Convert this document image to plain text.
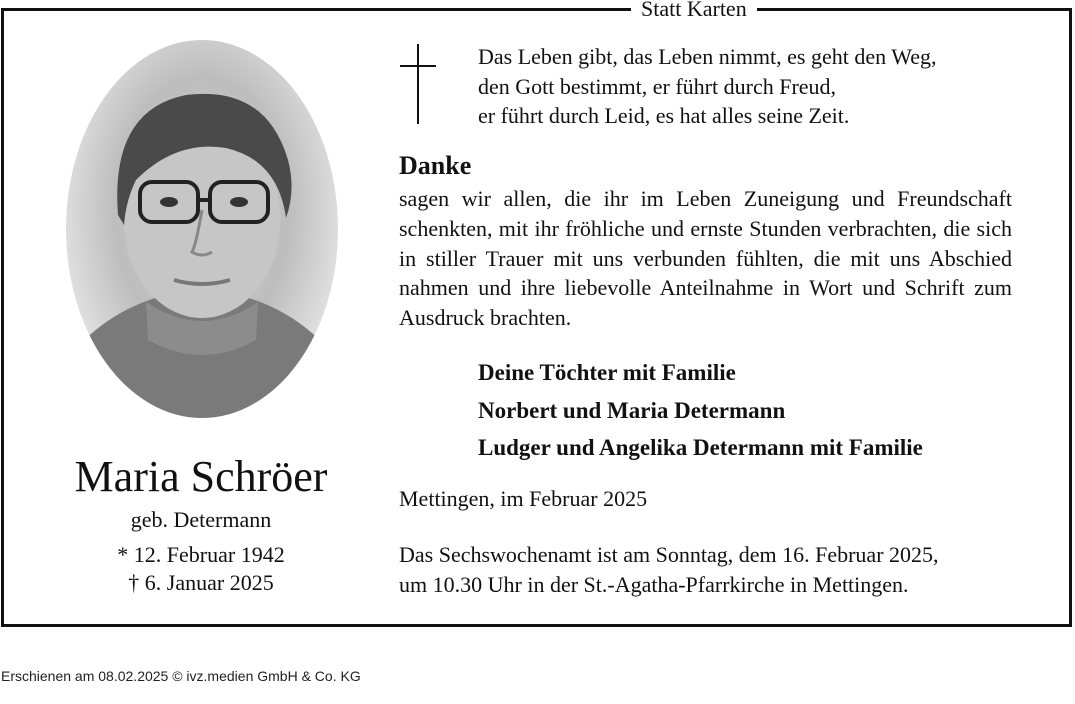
Statt Karten
Maria Schröer
geb. Determann
* 12. Februar 1942
† 6. Januar 2025
Das Leben gibt, das Leben nimmt, es geht den Weg,
den Gott bestimmt, er führt durch Freud,
er führt durch Leid, es hat alles seine Zeit.
Danke
sagen wir allen, die ihr im Leben Zuneigung und Freundschaft schenkten, mit ihr fröhliche und ernste Stunden verbrachten, die sich in stiller Trauer mit uns verbunden fühlten, die mit uns Abschied nahmen und ihre liebevolle Anteilnahme in Wort und Schrift zum Ausdruck brachten.
Deine Töchter mit Familie
Norbert und Maria Determann
Ludger und Angelika Determann mit Familie
Mettingen, im Februar 2025
Das Sechswochenamt ist am Sonntag, dem 16. Februar 2025,
um 10.30 Uhr in der St.-Agatha-Pfarrkirche in Mettingen.
Erschienen am 08.02.2025 © ivz.medien GmbH & Co. KG
